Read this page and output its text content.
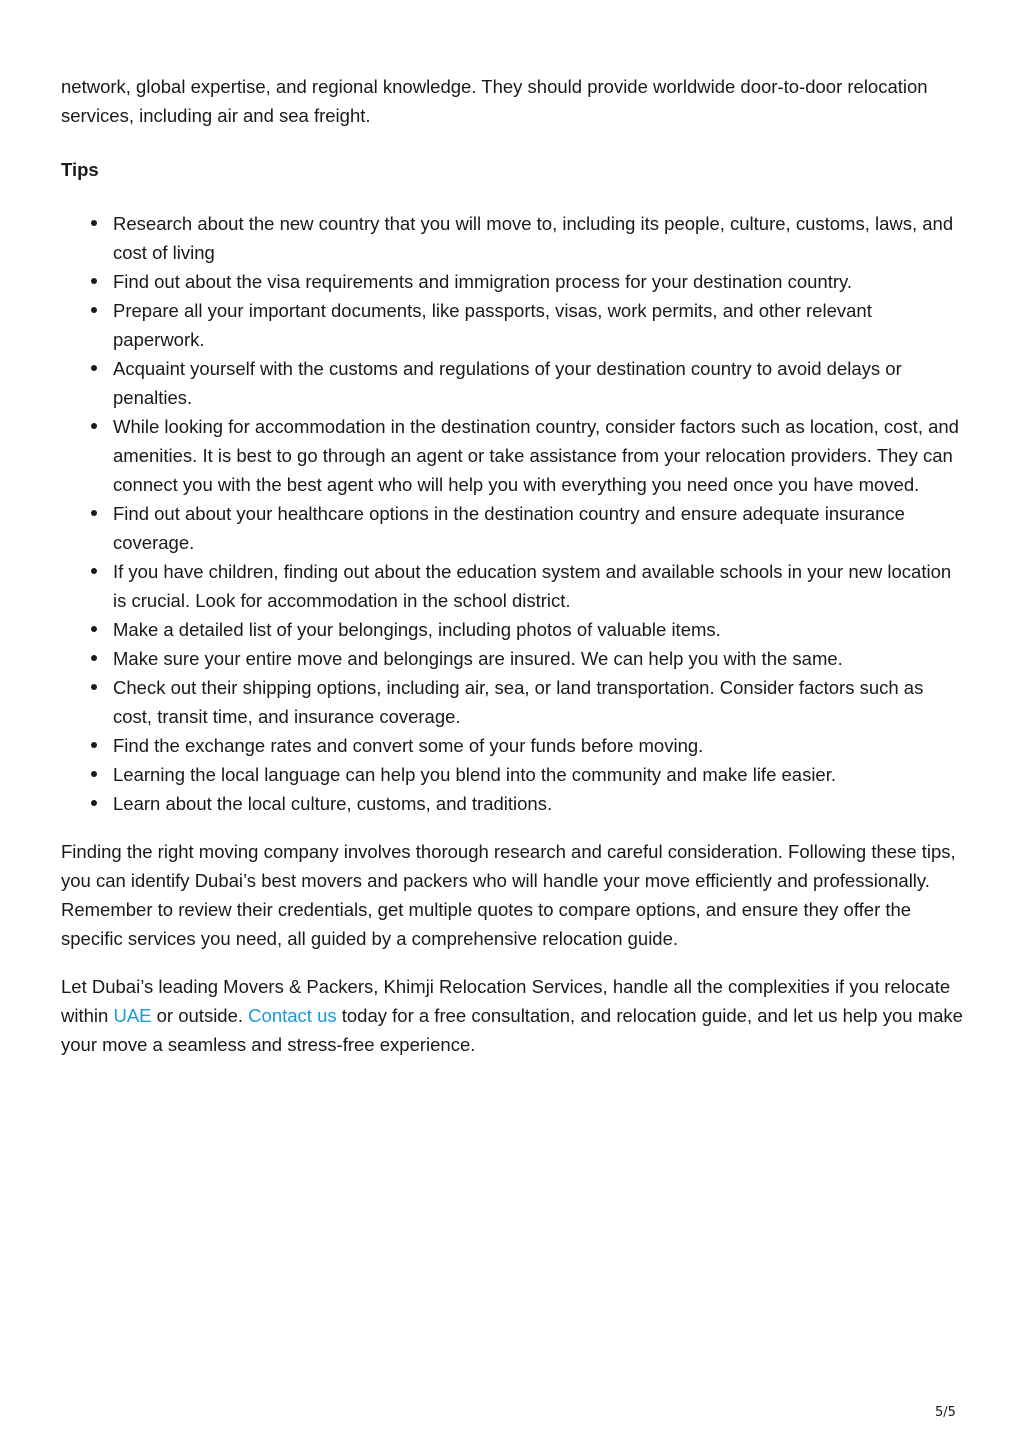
network, global expertise, and regional knowledge. They should provide worldwide door-to-door relocation services, including air and sea freight.

Tips

Research about the new country that you will move to, including its people, culture, customs, laws, and cost of living
Find out about the visa requirements and immigration process for your destination country.
Prepare all your important documents, like passports, visas, work permits, and other relevant paperwork.
Acquaint yourself with the customs and regulations of your destination country to avoid delays or penalties.
While looking for accommodation in the destination country, consider factors such as location, cost, and amenities. It is best to go through an agent or take assistance from your relocation providers. They can connect you with the best agent who will help you with everything you need once you have moved.
Find out about your healthcare options in the destination country and ensure adequate insurance coverage.
If you have children, finding out about the education system and available schools in your new location is crucial. Look for accommodation in the school district.
Make a detailed list of your belongings, including photos of valuable items.
Make sure your entire move and belongings are insured. We can help you with the same.
Check out their shipping options, including air, sea, or land transportation. Consider factors such as cost, transit time, and insurance coverage.
Find the exchange rates and convert some of your funds before moving.
Learning the local language can help you blend into the community and make life easier.
Learn about the local culture, customs, and traditions.

Finding the right moving company involves thorough research and careful consideration. Following these tips, you can identify Dubai’s best movers and packers who will handle your move efficiently and professionally. Remember to review their credentials, get multiple quotes to compare options, and ensure they offer the specific services you need, all guided by a comprehensive relocation guide.

Let Dubai’s leading Movers & Packers, Khimji Relocation Services, handle all the complexities if you relocate within UAE or outside. Contact us today for a free consultation, and relocation guide, and let us help you make your move a seamless and stress-free experience.

5/5
